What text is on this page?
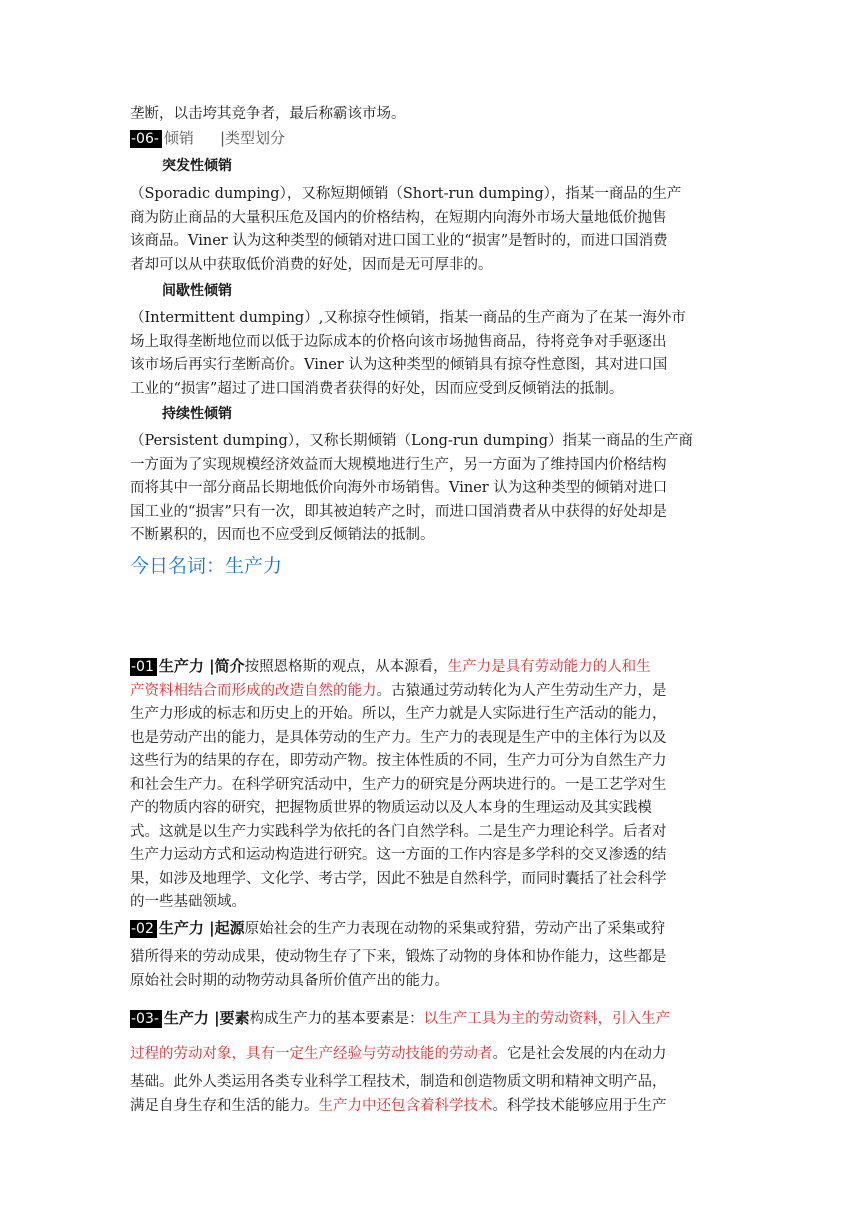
垄断，以击垮其竞争者，最后称霸该市场。

-06- 倾销 |类型划分
突发性倾销

（Sporadic dumping），又称短期倾销（Short-run dumping），指某一商品的生产

商为防止商品的大量积压危及国内的价格结构，在短期内向海外市场大量地低价抛售

该商品。Viner 认为这种类型的倾销对进口国工业的“损害”是暂时的，而进口国消费

者却可以从中获取低价消费的好处，因而是无可厚非的。

间歇性倾销

（Intermittent dumping）,又称掠夺性倾销，指某一商品的生产商为了在某一海外市

场上取得垄断地位而以低于边际成本的价格向该市场抛售商品，待将竞争对手驱逐出

该市场后再实行垄断高价。Viner 认为这种类型的倾销具有掠夺性意图，其对进口国

工业的“损害”超过了进口国消费者获得的好处，因而应受到反倾销法的抵制。

持续性倾销

（Persistent dumping），又称长期倾销（Long-run dumping）指某一商品的生产商

一方面为了实现规模经济效益而大规模地进行生产，另一方面为了维持国内价格结构

而将其中一部分商品长期地低价向海外市场销售。Viner 认为这种类型的倾销对进口

国工业的“损害”只有一次，即其被迫转产之时，而进口国消费者从中获得的好处却是

不断累积的，因而也不应受到反倾销法的抵制。

今日名词：生产力

-01 生产力 |简介按照恩格斯的观点，从本源看，生产力是具有劳动能力的人和生

产资料相结合而形成的改造自然的能力。古猿通过劳动转化为人产生劳动生产力，是

生产力形成的标志和历史上的开始。所以，生产力就是人实际进行生产活动的能力，

也是劳动产出的能力，是具体劳动的生产力。生产力的表现是生产中的主体行为以及

这些行为的结果的存在，即劳动产物。按主体性质的不同，生产力可分为自然生产力

和社会生产力。在科学研究活动中，生产力的研究是分两块进行的。一是工艺学对生

产的物质内容的研究，把握物质世界的物质运动以及人本身的生理运动及其实践模

式。这就是以生产力实践科学为依托的各门自然学科。二是生产力理论科学。后者对

生产力运动方式和运动构造进行研究。这一方面的工作内容是多学科的交叉渗透的结

果，如涉及地理学、文化学、考古学，因此不独是自然科学，而同时囊括了社会科学

的一些基础领域。

-02 生产力 |起源原始社会的生产力表现在动物的采集或狩猎，劳动产出了采集或狩

猎所得来的劳动成果，使动物生存了下来，锻炼了动物的身体和协作能力，这些都是

原始社会时期的动物劳动具备所价值产出的能力。

-03- 生产力 |要素构成生产力的基本要素是：以生产工具为主的劳动资料，引入生产

过程的劳动对象，具有一定生产经验与劳动技能的劳动者。它是社会发展的内在动力

基础。此外人类运用各类专业科学工程技术，制造和创造物质文明和精神文明产品，

满足自身生存和生活的能力。生产力中还包含着科学技术。科学技术能够应用于生产
